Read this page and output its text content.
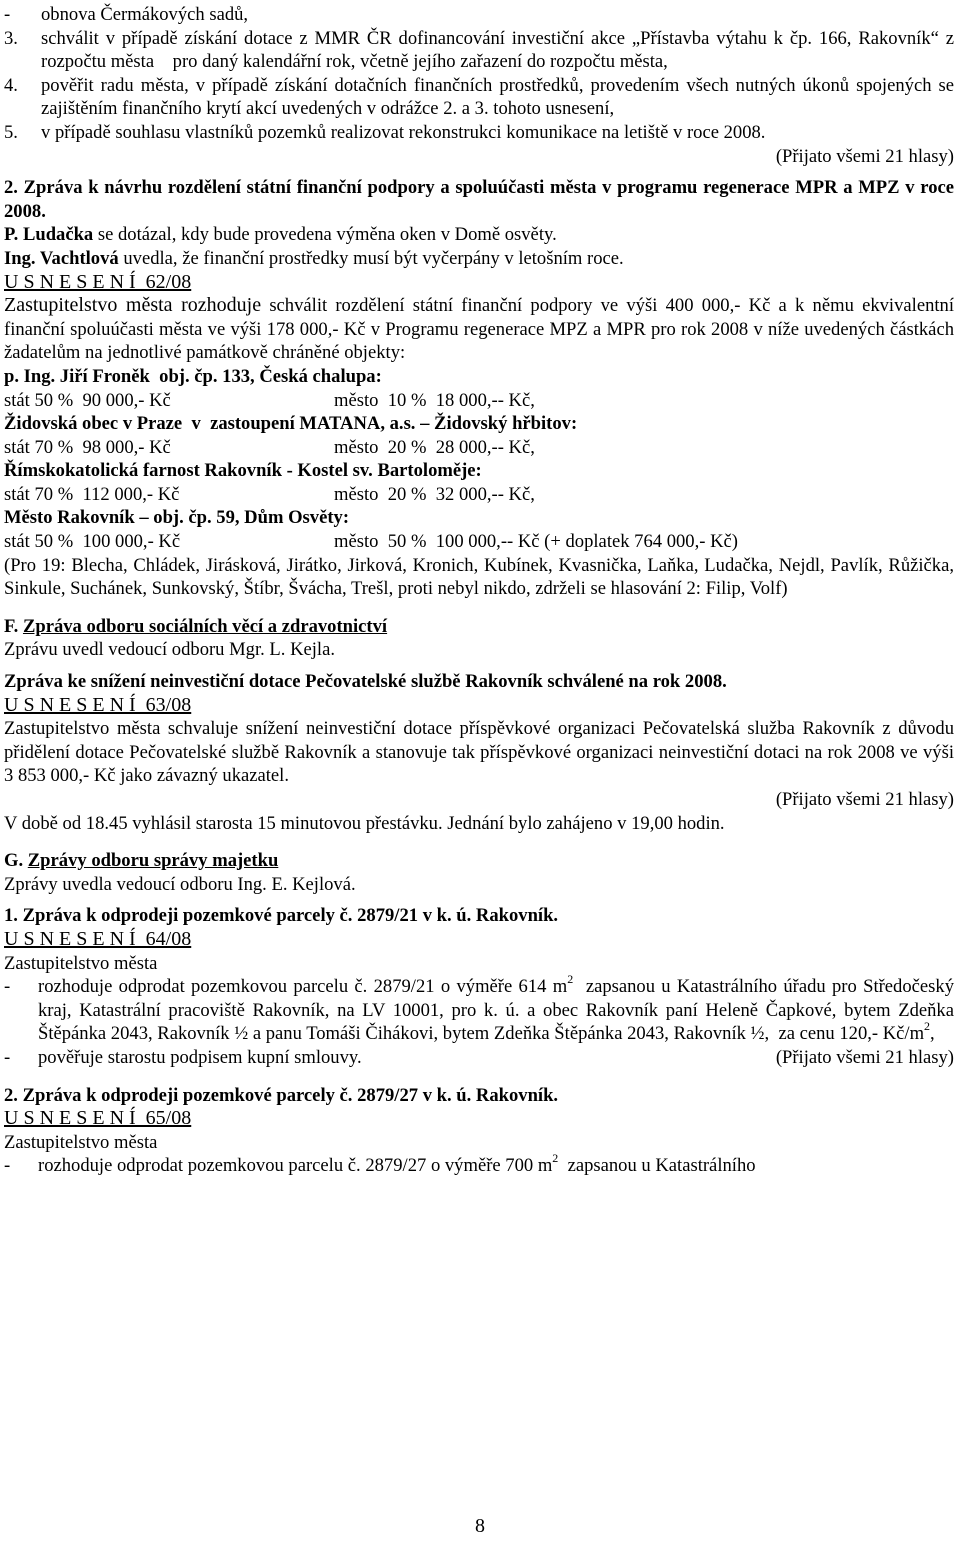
-	obnova Čermákových sadů,
3.	schválit v případě získání dotace z MMR ČR dofinancování investiční akce „Přístavba výtahu k čp. 166, Rakovník“ z rozpočtu města    pro daný kalendářní rok, včetně jejího zařazení do rozpočtu města,
4.	pověřit radu města, v případě získání dotačních finančních prostředků, provedením všech nutných úkonů spojených se zajištěním finančního krytí akcí uvedených v odrážce 2. a 3. tohoto usnesení,
5.	v případě souhlasu vlastníků pozemků realizovat rekonstrukci komunikace na letiště v roce 2008.

(Přijato všemi 21 hlasy)

2. Zpráva k návrhu rozdělení státní finanční podpory a spoluúčasti města v programu regenerace MPR a MPZ v roce 2008.

P. Ludačka se dotázal, kdy bude provedena výměna oken v Domě osvěty.

Ing. Vachtlová uvedla, že finanční prostředky musí být vyčerpány v letošním roce.

U S N E S E N Í  62/08

Zastupitelstvo města rozhoduje schválit rozdělení státní finanční podpory ve výši 400 000,- Kč a k němu ekvivalentní finanční spoluúčasti města ve výši 178 000,- Kč v Programu regenerace MPZ a MPR pro rok 2008 v níže uvedených částkách žadatelům na jednotlivé památkově chráněné objekty:

p. Ing. Jiří Froněk  obj. čp. 133, Česká chalupa:

stát 50 %  90 000,- Kč	město  10 %  18 000,-- Kč,

Židovská obec v Praze  v  zastoupení MATANA, a.s. – Židovský hřbitov:

stát 70 %  98 000,- Kč	město  20 %  28 000,-- Kč,

Římskokatolická farnost Rakovník - Kostel sv. Bartoloměje:

stát 70 %  112 000,- Kč	město  20 %  32 000,-- Kč,

Město Rakovník – obj. čp. 59, Dům Osvěty:

stát 50 %  100 000,- Kč	město  50 %  100 000,-- Kč (+ doplatek 764 000,- Kč)

(Pro 19: Blecha, Chládek, Jirásková, Jirátko, Jirková, Kronich, Kubínek, Kvasnička, Laňka, Ludačka, Nejdl, Pavlík, Růžička, Sinkule, Suchánek, Sunkovský, Štíbr, Švácha, Trešl, proti nebyl nikdo, zdrželi se hlasování 2: Filip, Volf)

F. Zpráva odboru sociálních věcí a zdravotnictví

Zprávu uvedl vedoucí odboru Mgr. L. Kejla.

Zpráva ke snížení neinvestiční dotace Pečovatelské službě Rakovník schválené na rok 2008.

U S N E S E N Í  63/08

Zastupitelstvo města schvaluje snížení neinvestiční dotace příspěvkové organizaci Pečovatelská služba Rakovník z důvodu přidělení dotace Pečovatelské službě Rakovník a stanovuje tak příspěvkové organizaci neinvestiční dotaci na rok 2008 ve výši 3 853 000,- Kč jako závazný ukazatel.

(Přijato všemi 21 hlasy)

V době od 18.45 vyhlásil starosta 15 minutovou přestávku. Jednání bylo zahájeno v 19,00 hodin.

G. Zprávy odboru správy majetku

Zprávy uvedla vedoucí odboru Ing. E. Kejlová.

1. Zpráva k odprodeji pozemkové parcely č. 2879/21 v k. ú. Rakovník.

U S N E S E N Í  64/08

Zastupitelstvo města

-	rozhoduje odprodat pozemkovou parcelu č. 2879/21 o výměře 614 $m^2$  zapsanou u Katastrálního úřadu pro Středočeský kraj, Katastrální pracoviště Rakovník, na LV 10001, pro k. ú. a obec Rakovník paní Heleně Čapkové, bytem Zdeňka Štěpánka 2043, Rakovník ½ a panu Tomáši Čihákovi, bytem Zdeňka Štěpánka 2043, Rakovník ½,  za cenu 120,- $Kč/m^2$,
-	pověřuje starostu podpisem kupní smlouvy.	(Přijato všemi 21 hlasy)

2. Zpráva k odprodeji pozemkové parcely č. 2879/27 v k. ú. Rakovník.

U S N E S E N Í  65/08

Zastupitelstvo města

-	rozhoduje odprodat pozemkovou parcelu č. 2879/27 o výměře 700 $m^2$  zapsanou u Katastrálního
8
